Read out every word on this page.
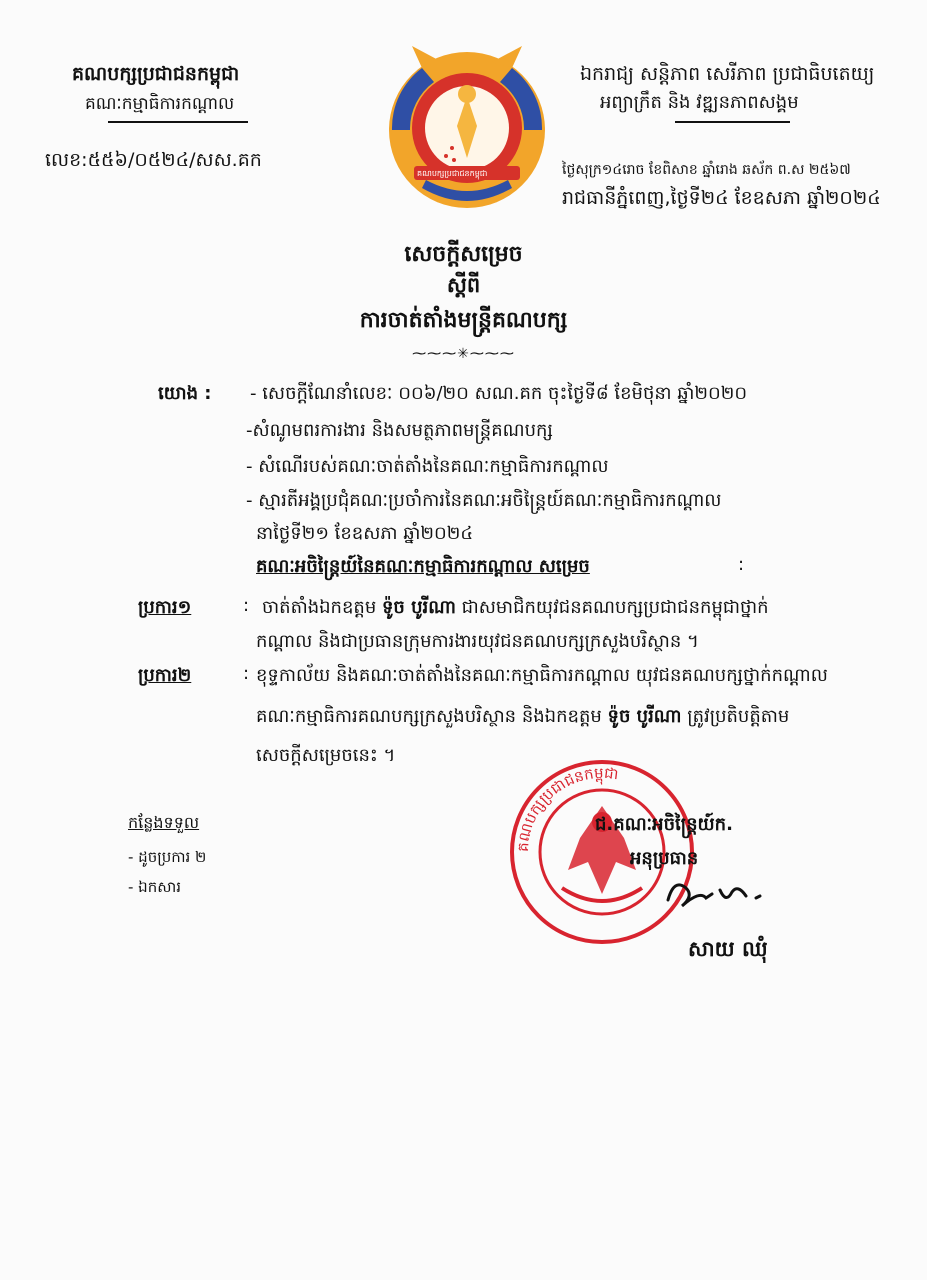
គណបក្សប្រជាជនកម្ពុជា
គណៈកម្មាធិការកណ្តាល
លេខ:៥៥៦/០៥២៤/សស.គក
គណបក្សប្រជាជនកម្ពុជា
ឯករាជ្យ សន្តិភាព សេរីភាព ប្រជាធិបតេយ្យ
អព្យាក្រឹត និង វឌ្ឍនភាពសង្គម
ថ្ងៃសុក្រ១៤រោច ខែពិសាខ ឆ្នាំរោង ឆស័ក ព.ស ២៥៦៧
រាជធានីភ្នំពេញ,ថ្ងៃទី២៤ ខែឧសភា ឆ្នាំ២០២៤
សេចក្តីសម្រេច
ស្តីពី
ការចាត់តាំងមន្ត្រីគណបក្ស
⁓⁓⁓✳⁓⁓⁓
យោង : - សេចក្តីណែនាំលេខៈ ០០៦/២០ សណ.គក ចុះថ្ងៃទី៨ ខែមិថុនា ឆ្នាំ២០២០
-សំណូមពរការងារ និងសមត្ថភាពមន្ត្រីគណបក្ស
- សំណើរបស់គណៈចាត់តាំងនៃគណៈកម្មាធិការកណ្តាល
- ស្មារតីអង្គប្រជុំគណៈប្រចាំការនៃគណៈអចិន្ត្រៃយ៍គណៈកម្មាធិការកណ្តាល
នាថ្ងៃទី២១ ខែឧសភា ឆ្នាំ២០២៤
គណៈអចិន្ត្រៃយ៍នៃគណៈកម្មាធិការកណ្តាល សម្រេច	:
ប្រការ១	: ចាត់តាំងឯកឧត្តម ទ៉ូច បូរីណា ជាសមាជិកយុវជនគណបក្សប្រជាជនកម្ពុជាថ្នាក់
កណ្តាល និងជាប្រធានក្រុមការងារយុវជនគណបក្សក្រសួងបរិស្ថាន ។
ប្រការ២	: ខុទ្ទកាល័យ និងគណៈចាត់តាំងនៃគណៈកម្មាធិការកណ្តាល យុវជនគណបក្សថ្នាក់កណ្តាល
គណៈកម្មាធិការគណបក្សក្រសួងបរិស្ថាន និងឯកឧត្តម ទ៉ូច បូរីណា ត្រូវប្រតិបត្តិតាម
សេចក្តីសម្រេចនេះ ។
កន្លែងទទួល
- ដូចប្រការ ២
- ឯកសារ
គណបក្សប្រជាជនកម្ពុជា
ជ.គណៈអចិន្ត្រៃយ៍ក.
អនុប្រធាន
សាយ ឈុំ
